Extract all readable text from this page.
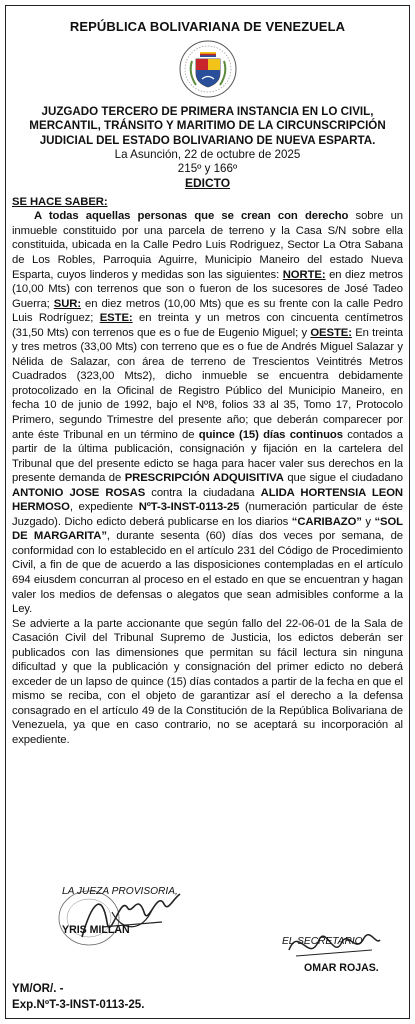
REPÚBLICA BOLIVARIANA DE VENEZUELA
JUZGADO TERCERO DE PRIMERA INSTANCIA EN LO CIVIL, MERCANTIL, TRÁNSITO Y MARITIMO DE LA CIRCUNSCRIPCIÓN JUDICIAL DEL ESTADO BOLIVARIANO DE NUEVA ESPARTA.
La Asunción, 22 de octubre de 2025
215º y 166º
EDICTO

SE HACE SABER:

A todas aquellas personas que se crean con derecho sobre un inmueble constituido por una parcela de terreno y la Casa S/N sobre ella constituida, ubicada en la Calle Pedro Luis Rodriguez, Sector La Otra Sabana de Los Robles, Parroquia Aguirre, Municipio Maneiro del estado Nueva Esparta, cuyos linderos y medidas son las siguientes: NORTE: en diez metros (10,00 Mts) con terrenos que son o fueron de los sucesores de José Tadeo Guerra; SUR: en diez metros (10,00 Mts) que es su frente con la calle Pedro Luis Rodríguez; ESTE: en treinta y un metros con cincuenta centímetros (31,50 Mts) con terrenos que es o fue de Eugenio Miguel; y OESTE: En treinta y tres metros (33,00 Mts) con terreno que es o fue de Andrés Miguel Salazar y Nélida de Salazar, con área de terreno de Trescientos Veintitrés Metros Cuadrados (323,00 Mts2), dicho inmueble se encuentra debidamente protocolizado en la Oficinal de Registro Público del Municipio Maneiro, en fecha 10 de junio de 1992, bajo el Nº8, folios 33 al 35, Tomo 17, Protocolo Primero, segundo Trimestre del presente año; que deberán comparecer por ante éste Tribunal en un término de quince (15) días continuos contados a partir de la última publicación, consignación y fijación en la cartelera del Tribunal que del presente edicto se haga para hacer valer sus derechos en la presente demanda de PRESCRIPCIÓN ADQUISITIVA que sigue el ciudadano ANTONIO JOSE ROSAS contra la ciudadana ALIDA HORTENSIA LEON HERMOSO, expediente NºT-3-INST-0113-25 (numeración particular de éste Juzgado). Dicho edicto deberá publicarse en los diarios “CARIBAZO” y “SOL DE MARGARITA”, durante sesenta (60) días dos veces por semana, de conformidad con lo establecido en el artículo 231 del Código de Procedimiento Civil, a fin de que de acuerdo a las disposiciones contempladas en el artículo 694 eiusdem concurran al proceso en el estado en que se encuentran y hagan valer los medios de defensas o alegatos que sean admisibles conforme a la Ley.

Se advierte a la parte accionante que según fallo del 22-06-01 de la Sala de Casación Civil del Tribunal Supremo de Justicia, los edictos deberán ser publicados con las dimensiones que permitan su fácil lectura sin ninguna dificultad y que la publicación y consignación del primer edicto no deberá exceder de un lapso de quince (15) días contados a partir de la fecha en que el mismo se reciba, con el objeto de garantizar así el derecho a la defensa consagrado en el artículo 49 de la Constitución de la República Bolivariana de Venezuela, ya que en caso contrario, no se aceptará su incorporación al expediente.

LA JUEZA PROVISORIA,
YRIS MILLAN
EL SECRETARIO
OMAR ROJAS.
YM/OR/. -
Exp.NºT-3-INST-0113-25.
